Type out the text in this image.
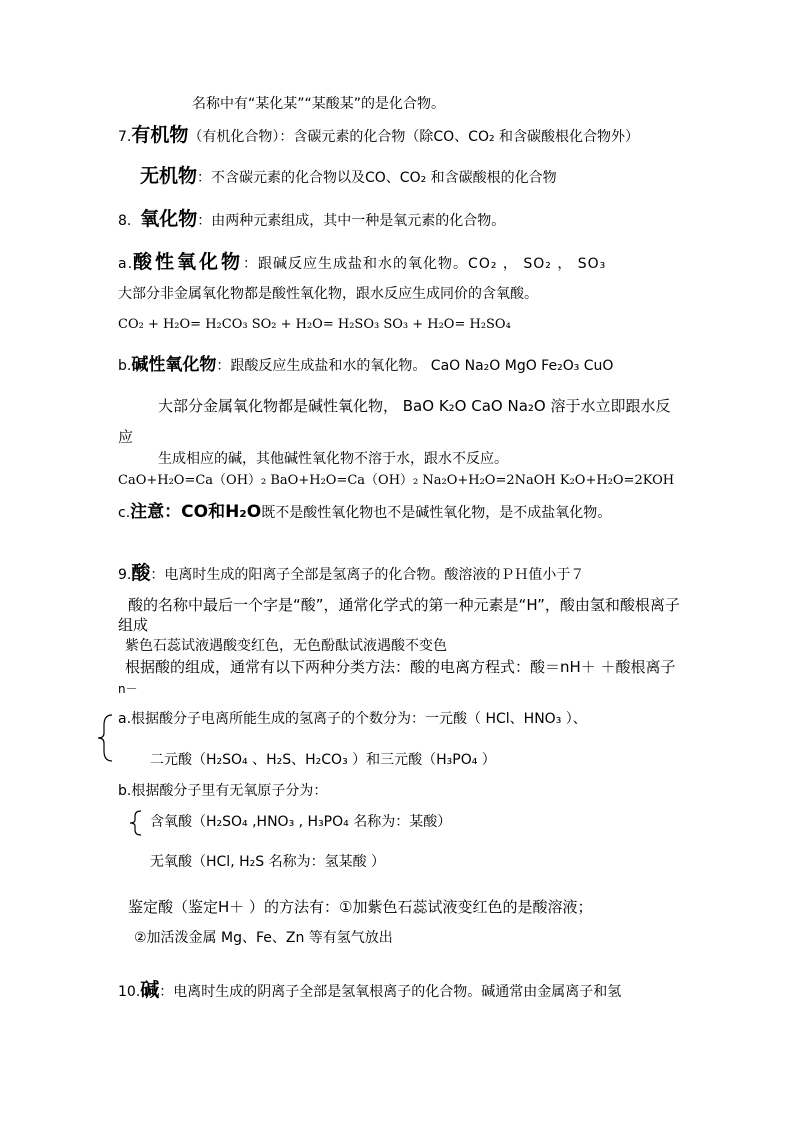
名称中有“某化某”“某酸某”的是化合物。
7.有机物（有机化合物）：含碳元素的化合物（除CO、CO₂ 和含碳酸根化合物外）
无机物：不含碳元素的化合物以及CO、CO₂ 和含碳酸根的化合物
8. 氧化物：由两种元素组成，其中一种是氧元素的化合物。
a.酸性氧化物：跟碱反应生成盐和水的氧化物。CO₂ ， SO₂ ， SO₃
大部分非金属氧化物都是酸性氧化物，跟水反应生成同价的含氧酸。
CO₂ + H₂O= H₂CO₃ SO₂ + H₂O= H₂SO₃ SO₃ + H₂O= H₂SO₄
b.碱性氧化物：跟酸反应生成盐和水的氧化物。 CaO Na₂O MgO Fe₂O₃ CuO
大部分金属氧化物都是碱性氧化物， BaO K₂O CaO Na₂O 溶于水立即跟水反
应
生成相应的碱，其他碱性氧化物不溶于水，跟水不反应。
CaO+H₂O=Ca（OH）₂ BaO+H₂O=Ca（OH）₂ Na₂O+H₂O=2NaOH K₂O+H₂O=2KOH
c.注意：CO和H₂O既不是酸性氧化物也不是碱性氧化物，是不成盐氧化物。
9.酸：电离时生成的阳离子全部是氢离子的化合物。酸溶液的ＰＨ值小于７
酸的名称中最后一个字是“酸”，通常化学式的第一种元素是“H”，酸由氢和酸根离子
组成
紫色石蕊试液遇酸变红色，无色酚酞试液遇酸不变色
根据酸的组成，通常有以下两种分类方法：酸的电离方程式：酸＝nH＋ ＋酸根离子
n－
a.根据酸分子电离所能生成的氢离子的个数分为：一元酸（ HCl、HNO₃ ）、
二元酸（H₂SO₄ 、H₂S、H₂CO₃ ）和三元酸（H₃PO₄ ）
b.根据酸分子里有无氧原子分为：
含氧酸（H₂SO₄ ,HNO₃ , H₃PO₄ 名称为：某酸）
无氧酸（HCl, H₂S 名称为：氢某酸 ）
鉴定酸（鉴定H＋ ）的方法有：①加紫色石蕊试液变红色的是酸溶液；
②加活泼金属 Mg、Fe、Zn 等有氢气放出
10.碱：电离时生成的阴离子全部是氢氧根离子的化合物。碱通常由金属离子和氢
